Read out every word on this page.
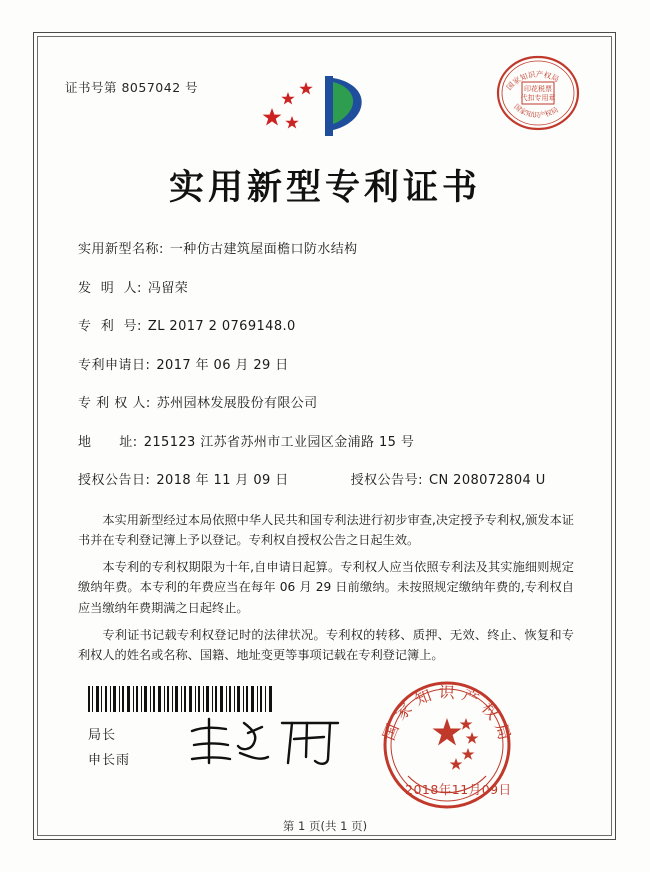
证书号第 8057042 号	国家知识产权局
印花税票
代扣专用章
国家知识产权局
实用新型专利证书
实用新型名称: 一种仿古建筑屋面檐口防水结构
发  明  人: 冯留荣
专  利  号: ZL 2017 2 0769148.0
专利申请日: 2017 年 06 月 29 日
专 利 权 人: 苏州园林发展股份有限公司
地      址: 215123 江苏省苏州市工业园区金浦路 15 号
授权公告日: 2018 年 11 月 09 日	授权公告号: CN 208072804 U

本实用新型经过本局依照中华人民共和国专利法进行初步审查,决定授予专利权,颁发本证书并在专利登记簿上予以登记。专利权自授权公告之日起生效。

本专利的专利权期限为十年,自申请日起算。专利权人应当依照专利法及其实施细则规定缴纳年费。本专利的年费应当在每年 06 月 29 日前缴纳。未按照规定缴纳年费的,专利权自应当缴纳年费期满之日起终止。

专利证书记载专利权登记时的法律状况。专利权的转移、质押、无效、终止、恢复和专利权人的姓名或名称、国籍、地址变更等事项记载在专利登记簿上。

局长
申长雨
国家知识产权局
2018年11月09日
第 1 页(共 1 页)
